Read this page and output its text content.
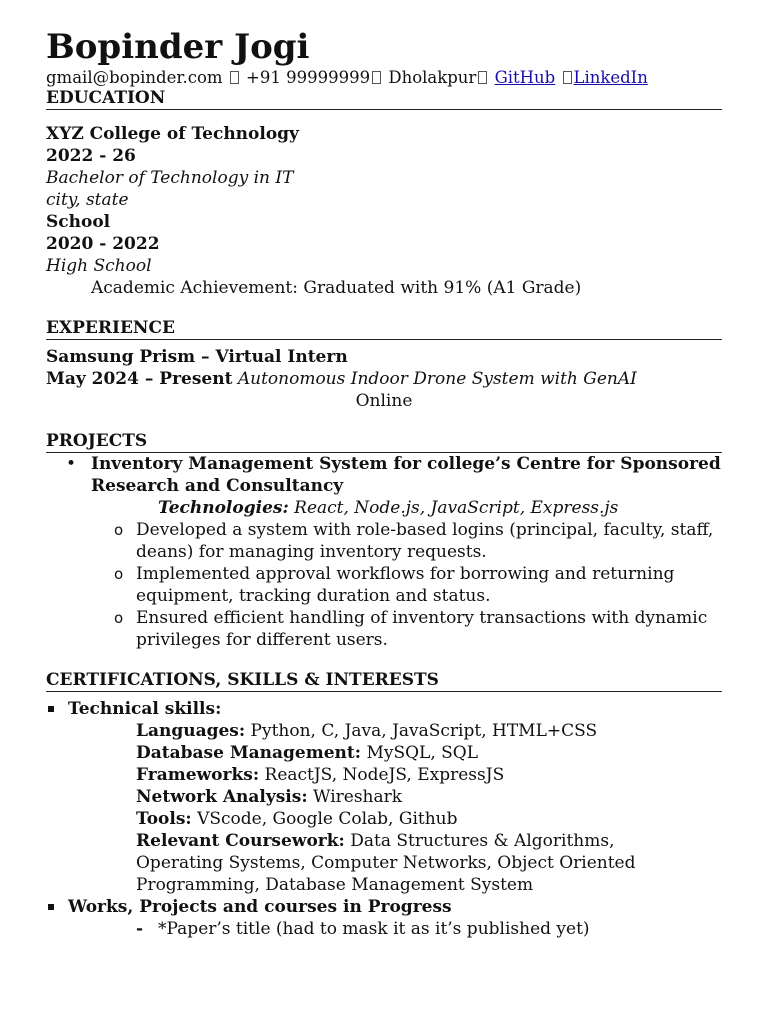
Bopinder Jogi
gmail@bopinder.com +91 99999999 Dholakpur GitHub LinkedIn
EDUCATION
XYZ College of Technology
2022 - 26
Bachelor of Technology in IT
city, state
School
2020 - 2022
High School
Academic Achievement: Graduated with 91% (A1 Grade)
EXPERIENCE
Samsung Prism – Virtual Intern
May 2024 – Present Autonomous Indoor Drone System with GenAI
Online
PROJECTS
• Inventory Management System for college’s Centre for Sponsored Research and Consultancy
Technologies: React, Node.js, JavaScript, Express.js
o Developed a system with role-based logins (principal, faculty, staff, deans) for managing inventory requests.
o Implemented approval workflows for borrowing and returning equipment, tracking duration and status.
o Ensured efficient handling of inventory transactions with dynamic privileges for different users.
CERTIFICATIONS, SKILLS & INTERESTS
Technical skills:
Languages: Python, C, Java, JavaScript, HTML+CSS
Database Management: MySQL, SQL
Frameworks: ReactJS, NodeJS, ExpressJS
Network Analysis: Wireshark
Tools: VScode, Google Colab, Github
Relevant Coursework: Data Structures & Algorithms, Operating Systems, Computer Networks, Object Oriented Programming, Database Management System
Works, Projects and courses in Progress
- *Paper’s title (had to mask it as it’s published yet)
